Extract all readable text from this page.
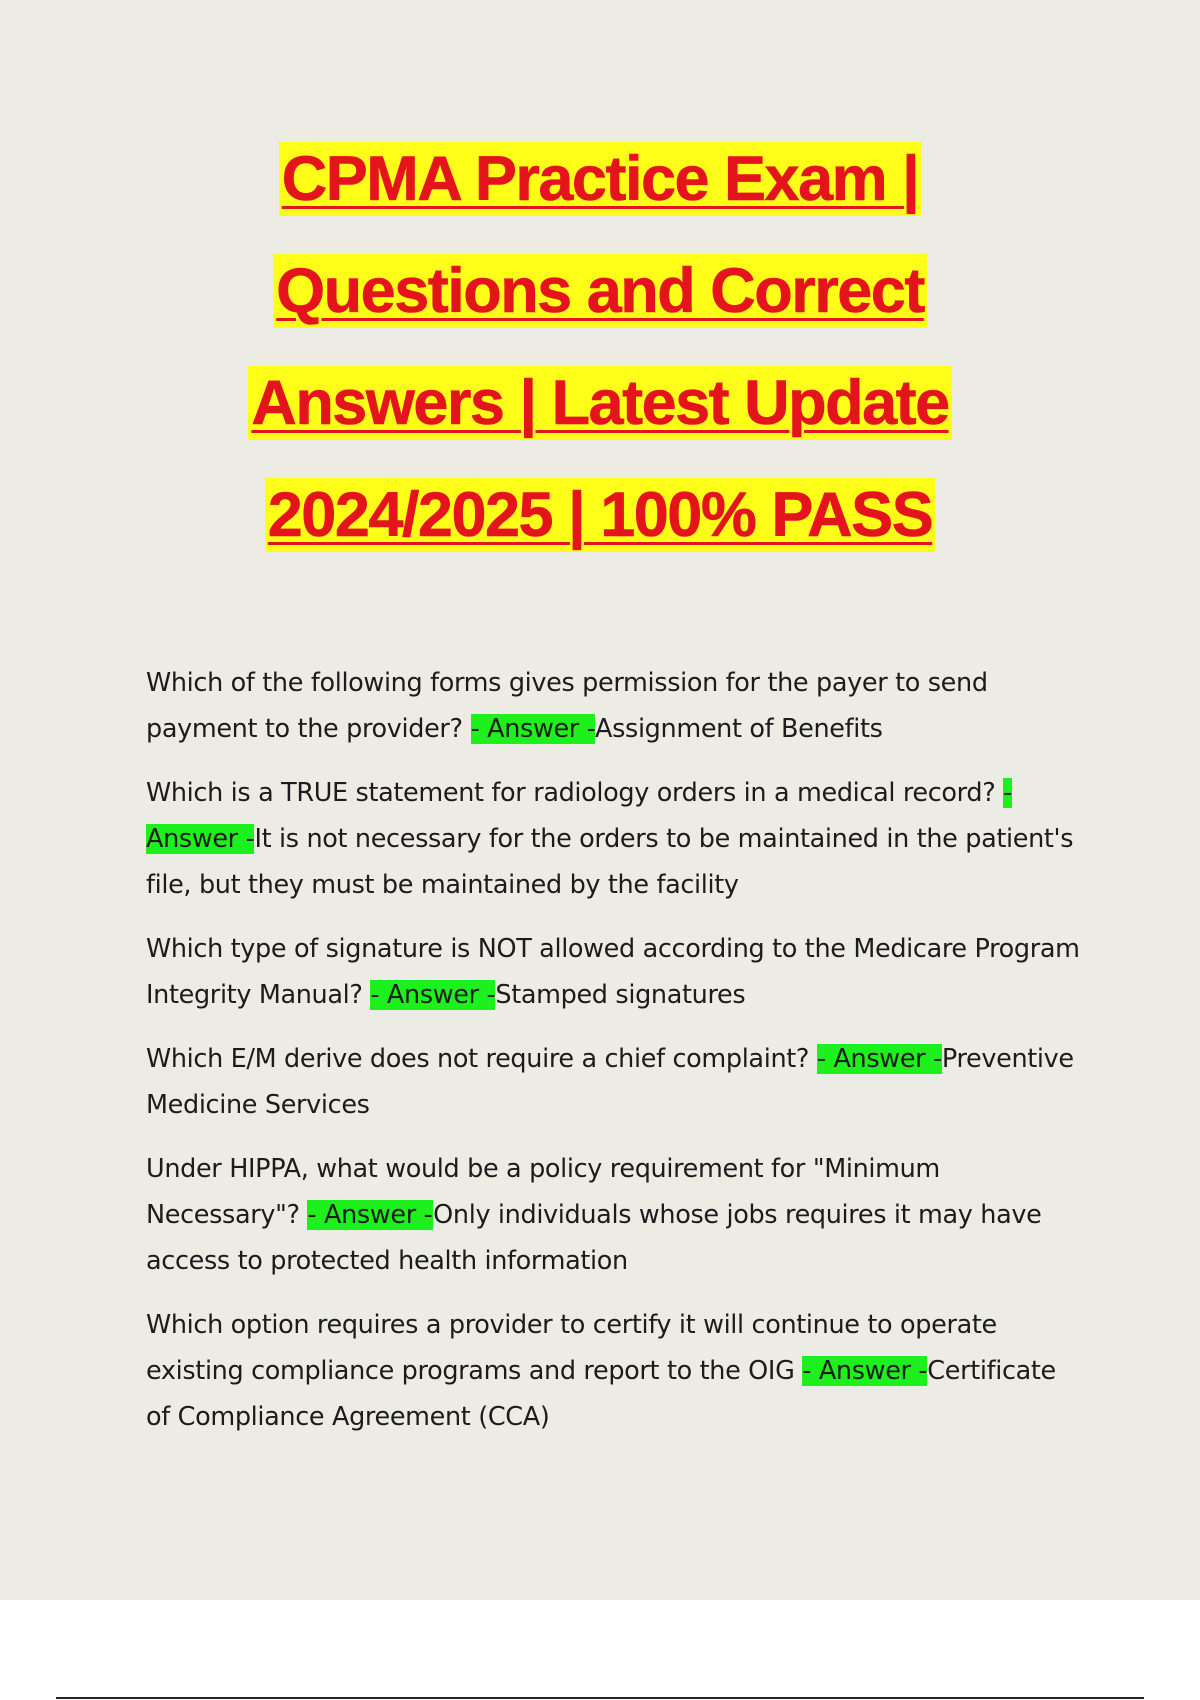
CPMA Practice Exam |
Questions and Correct
Answers | Latest Update
2024/2025 | 100% PASS

Which of the following forms gives permission for the payer to send payment to the provider? - Answer -Assignment of Benefits

Which is a TRUE statement for radiology orders in a medical record? - Answer -It is not necessary for the orders to be maintained in the patient's file, but they must be maintained by the facility

Which type of signature is NOT allowed according to the Medicare Program Integrity Manual? - Answer -Stamped signatures

Which E/M derive does not require a chief complaint? - Answer -Preventive Medicine Services

Under HIPPA, what would be a policy requirement for "Minimum Necessary"? - Answer -Only individuals whose jobs requires it may have access to protected health information

Which option requires a provider to certify it will continue to operate existing compliance programs and report to the OIG - Answer -Certificate of Compliance Agreement (CCA)
